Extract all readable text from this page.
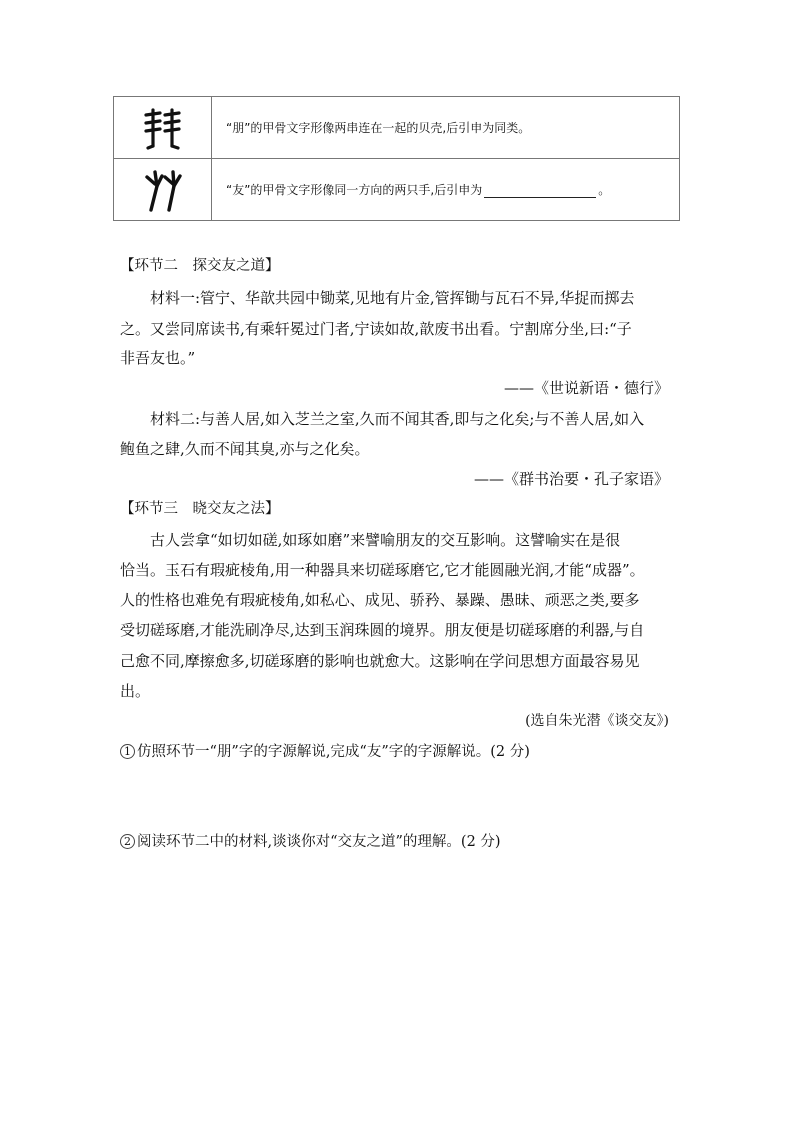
	“朋”的甲骨文字形像两串连在一起的贝壳,后引申为同类。

	“友”的甲骨文字形像同一方向的两只手,后引申为 。
【环节二　探交友之道】
材料一:管宁、华歆共园中锄菜,见地有片金,管挥锄与瓦石不异,华捉而掷去
之。又尝同席读书,有乘轩冕过门者,宁读如故,歆废书出看。宁割席分坐,曰:“子
非吾友也。”
——《世说新语・德行》
材料二:与善人居,如入芝兰之室,久而不闻其香,即与之化矣;与不善人居,如入
鲍鱼之肆,久而不闻其臭,亦与之化矣。
——《群书治要・孔子家语》
【环节三　晓交友之法】
古人尝拿“如切如磋,如琢如磨”来譬喻朋友的交互影响。这譬喻实在是很
恰当。玉石有瑕疵棱角,用一种器具来切磋琢磨它,它才能圆融光润,才能“成器”。
人的性格也难免有瑕疵棱角,如私心、成见、骄矜、暴躁、愚昧、顽恶之类,要多
受切磋琢磨,才能洗刷净尽,达到玉润珠圆的境界。朋友便是切磋琢磨的利器,与自
己愈不同,摩擦愈多,切磋琢磨的影响也就愈大。这影响在学问思想方面最容易见
出。
(选自朱光潜《谈交友》)
1 仿照环节一“朋”字的字源解说,完成“友”字的字源解说。(2 分)
2 阅读环节二中的材料,谈谈你对“交友之道”的理解。(2 分)
